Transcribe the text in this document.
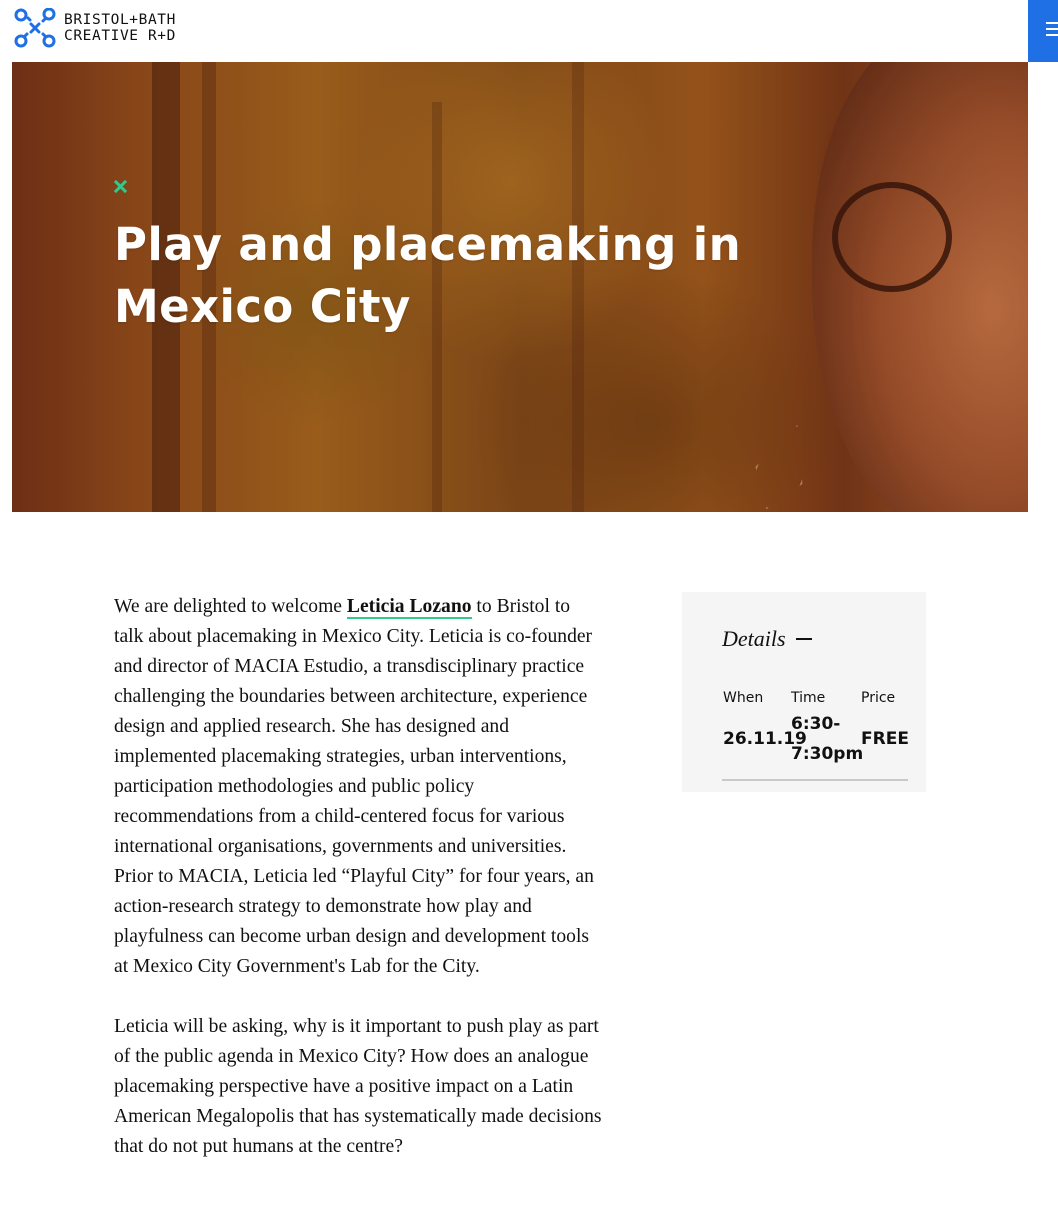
BRISTOL+BATH
CREATIVE R+D
Play and placemaking in Mexico City

We are delighted to welcome Leticia Lozano to Bristol to talk about placemaking in Mexico City. Leticia is co-founder and director of MACIA Estudio, a transdisciplinary practice challenging the boundaries between architecture, experience design and applied research. She has designed and implemented placemaking strategies, urban interventions, participation methodologies and public policy recommendations from a child-centered focus for various international organisations, governments and universities. Prior to MACIA, Leticia led “Playful City” for four years, an action-research strategy to demonstrate how play and playfulness can become urban design and development tools at Mexico City Government's Lab for the City.

Leticia will be asking, why is it important to push play as part of the public agenda in Mexico City? How does an analogue placemaking perspective have a positive impact on a Latin American Megalopolis that has systematically made decisions that do not put humans at the centre?

Details
When
26.11.19
Time
6:30-
7:30pm
Price
FREE
